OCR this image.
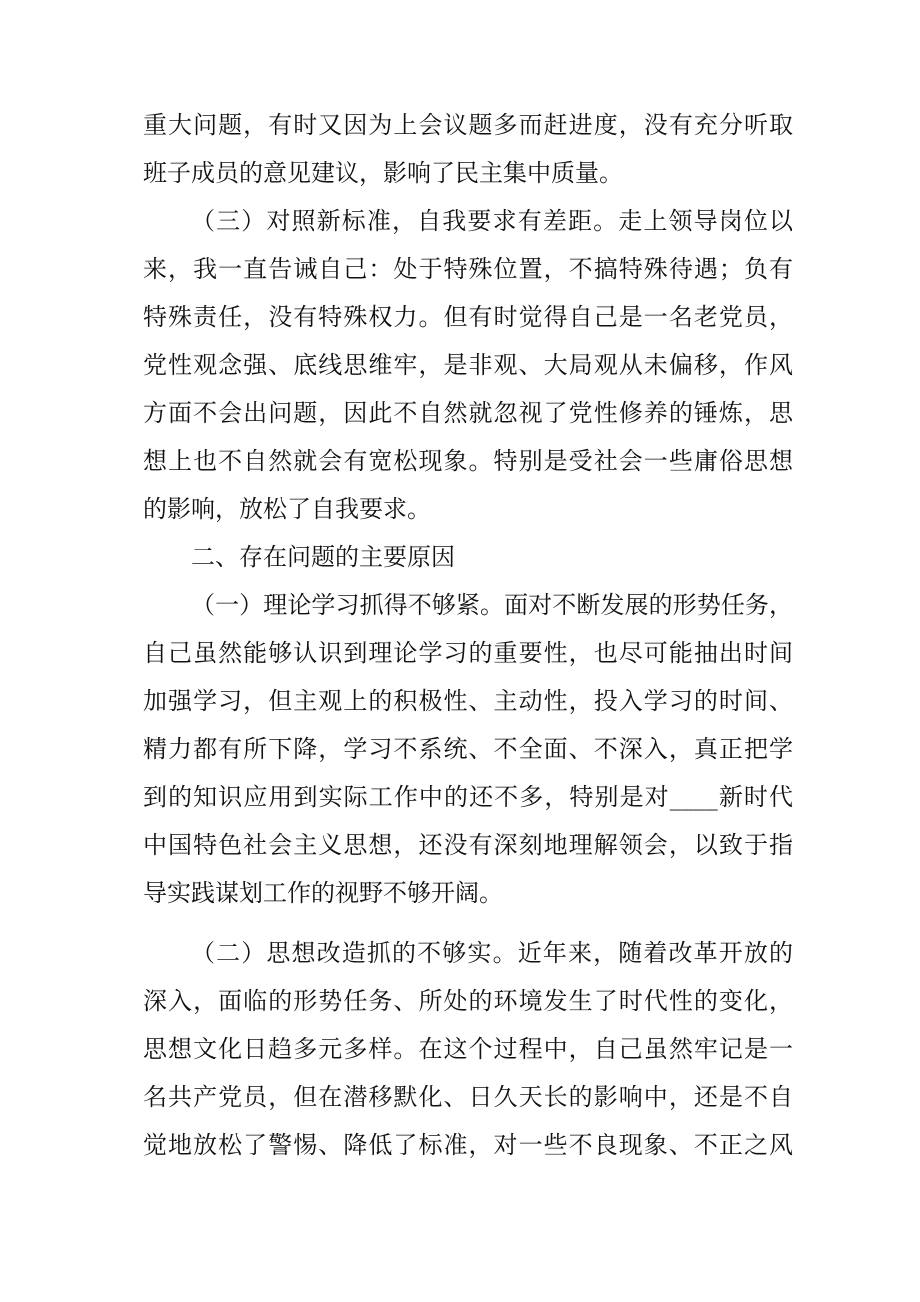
重大问题，有时又因为上会议题多而赶进度，没有充分听取
班子成员的意见建议，影响了民主集中质量。
（三）对照新标准，自我要求有差距。走上领导岗位以
来，我一直告诫自己：处于特殊位置，不搞特殊待遇；负有
特殊责任，没有特殊权力。但有时觉得自己是一名老党员，
党性观念强、底线思维牢，是非观、大局观从未偏移，作风
方面不会出问题，因此不自然就忽视了党性修养的锤炼，思
想上也不自然就会有宽松现象。特别是受社会一些庸俗思想
的影响，放松了自我要求。
二、存在问题的主要原因
（一）理论学习抓得不够紧。面对不断发展的形势任务，
自己虽然能够认识到理论学习的重要性，也尽可能抽出时间
加强学习，但主观上的积极性、主动性，投入学习的时间、
精力都有所下降，学习不系统、不全面、不深入，真正把学
到的知识应用到实际工作中的还不多，特别是对____新时代
中国特色社会主义思想，还没有深刻地理解领会，以致于指
导实践谋划工作的视野不够开阔。
（二）思想改造抓的不够实。近年来，随着改革开放的
深入，面临的形势任务、所处的环境发生了时代性的变化，
思想文化日趋多元多样。在这个过程中，自己虽然牢记是一
名共产党员，但在潜移默化、日久天长的影响中，还是不自
觉地放松了警惕、降低了标准，对一些不良现象、不正之风
